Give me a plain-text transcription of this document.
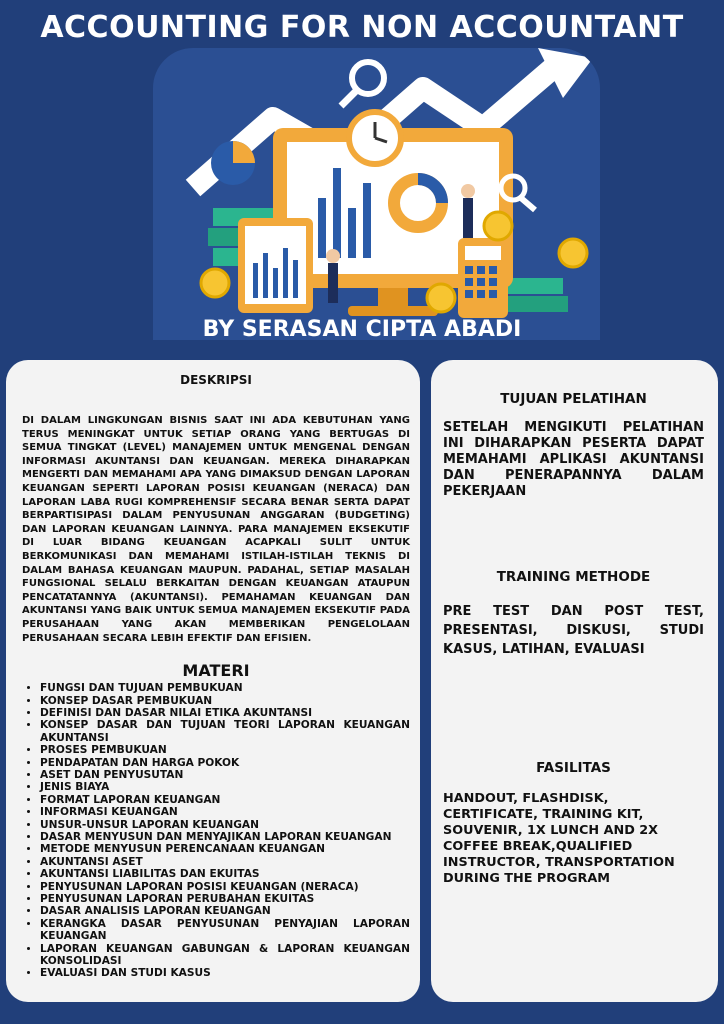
ACCOUNTING FOR NON ACCOUNTANT
BY SERASAN CIPTA ABADI
DESKRIPSI

DI DALAM LINGKUNGAN BISNIS SAAT INI ADA KEBUTUHAN YANG TERUS MENINGKAT UNTUK SETIAP ORANG YANG BERTUGAS DI SEMUA TINGKAT (LEVEL) MANAJEMEN UNTUK MENGENAL DENGAN INFORMASI AKUNTANSI DAN KEUANGAN. MEREKA DIHARAPKAN MENGERTI DAN MEMAHAMI APA YANG DIMAKSUD DENGAN LAPORAN KEUANGAN SEPERTI LAPORAN POSISI KEUANGAN (NERACA) DAN LAPORAN LABA RUGI KOMPREHENSIF SECARA BENAR SERTA DAPAT BERPARTISIPASI DALAM PENYUSUNAN ANGGARAN (BUDGETING) DAN LAPORAN KEUANGAN LAINNYA. PARA MANAJEMEN EKSEKUTIF DI LUAR BIDANG KEUANGAN ACAPKALI SULIT UNTUK BERKOMUNIKASI DAN MEMAHAMI ISTILAH-ISTILAH TEKNIS DI DALAM BAHASA KEUANGAN MAUPUN. PADAHAL, SETIAP MASALAH FUNGSIONAL SELALU BERKAITAN DENGAN KEUANGAN ATAUPUN PENCATATANNYA (AKUNTANSI). PEMAHAMAN KEUANGAN DAN AKUNTANSI YANG BAIK UNTUK SEMUA MANAJEMEN EKSEKUTIF PADA PERUSAHAAN YANG AKAN MEMBERIKAN PENGELOLAAN PERUSAHAAN SECARA LEBIH EFEKTIF DAN EFISIEN.

MATERI
• FUNGSI DAN TUJUAN PEMBUKUAN
• KONSEP DASAR PEMBUKUAN
• DEFINISI DAN DASAR NILAI ETIKA AKUNTANSI
• KONSEP DASAR DAN TUJUAN TEORI LAPORAN KEUANGAN AKUNTANSI
• PROSES PEMBUKUAN
• PENDAPATAN DAN HARGA POKOK
• ASET DAN PENYUSUTAN
• JENIS BIAYA
• FORMAT LAPORAN KEUANGAN
• INFORMASI KEUANGAN
• UNSUR-UNSUR LAPORAN KEUANGAN
• DASAR MENYUSUN DAN MENYAJIKAN LAPORAN KEUANGAN
• METODE MENYUSUN PERENCANAAN KEUANGAN
• AKUNTANSI ASET
• AKUNTANSI LIABILITAS DAN EKUITAS
• PENYUSUNAN LAPORAN POSISI KEUANGAN (NERACA)
• PENYUSUNAN LAPORAN PERUBAHAN EKUITAS
• DASAR ANALISIS LAPORAN KEUANGAN
• KERANGKA DASAR PENYUSUNAN PENYAJIAN LAPORAN KEUANGAN
• LAPORAN KEUANGAN GABUNGAN & LAPORAN KEUANGAN KONSOLIDASI
• EVALUASI DAN STUDI KASUS
TUJUAN PELATIHAN

SETELAH MENGIKUTI PELATIHAN INI DIHARAPKAN PESERTA DAPAT MEMAHAMI APLIKASI AKUNTANSI DAN PENERAPANNYA DALAM PEKERJAAN

TRAINING METHODE

PRE TEST DAN POST TEST, PRESENTASI, DISKUSI, STUDI KASUS, LATIHAN, EVALUASI

FASILITAS

HANDOUT, FLASHDISK, CERTIFICATE, TRAINING KIT, SOUVENIR, 1X LUNCH AND 2X COFFEE BREAK,QUALIFIED INSTRUCTOR, TRANSPORTATION DURING THE PROGRAM
